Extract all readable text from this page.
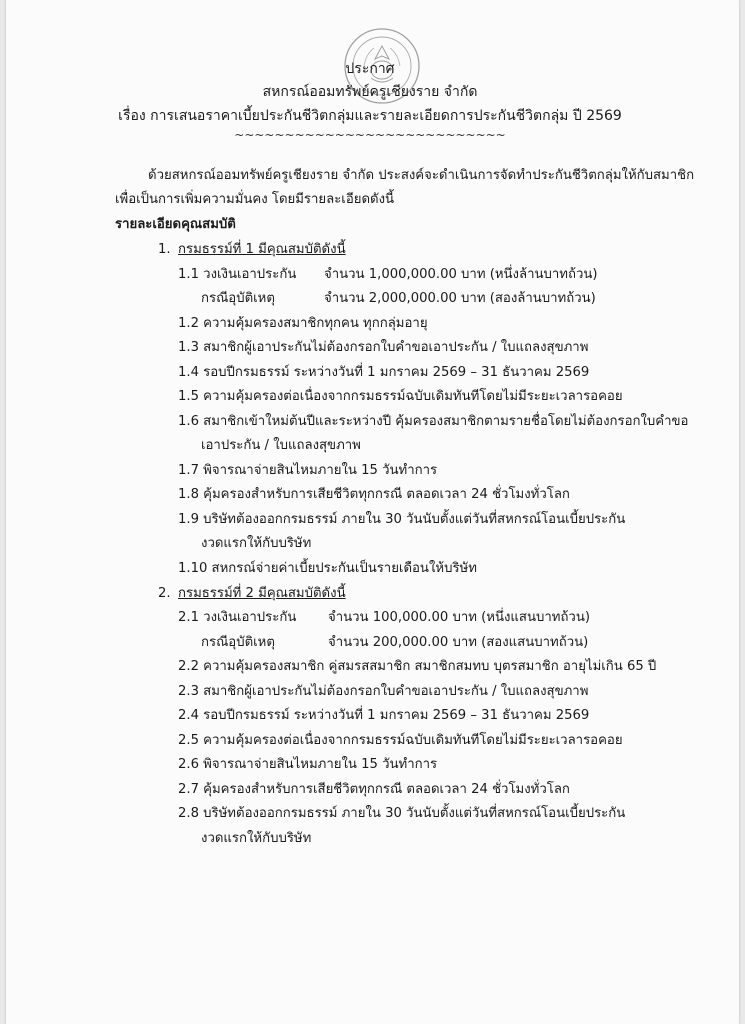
ประกาศ
สหกรณ์ออมทรัพย์ครูเชียงราย จำกัด
เรื่อง การเสนอราคาเบี้ยประกันชีวิตกลุ่มและรายละเอียดการประกันชีวิตกลุ่ม ปี 2569
~~~~~~~~~~~~~~~~~~~~~~~~~~~
ด้วยสหกรณ์ออมทรัพย์ครูเชียงราย จำกัด ประสงค์จะดำเนินการจัดทำประกันชีวิตกลุ่มให้กับสมาชิก
เพื่อเป็นการเพิ่มความมั่นคง โดยมีรายละเอียดดังนี้
รายละเอียดคุณสมบัติ
1. กรมธรรม์ที่ 1 มีคุณสมบัติดังนี้
1.1 วงเงินเอาประกัน จำนวน 1,000,000.00 บาท (หนึ่งล้านบาทถ้วน)
กรณีอุบัติเหตุ	จำนวน 2,000,000.00 บาท (สองล้านบาทถ้วน)
1.2 ความคุ้มครองสมาชิกทุกคน ทุกกลุ่มอายุ
1.3 สมาชิกผู้เอาประกันไม่ต้องกรอกใบคำขอเอาประกัน / ใบแถลงสุขภาพ
1.4 รอบปีกรมธรรม์ ระหว่างวันที่ 1 มกราคม 2569 – 31 ธันวาคม 2569
1.5 ความคุ้มครองต่อเนื่องจากกรมธรรม์ฉบับเดิมทันทีโดยไม่มีระยะเวลารอคอย
1.6 สมาชิกเข้าใหม่ต้นปีและระหว่างปี คุ้มครองสมาชิกตามรายชื่อโดยไม่ต้องกรอกใบคำขอ
เอาประกัน / ใบแถลงสุขภาพ
1.7 พิจารณาจ่ายสินไหมภายใน 15 วันทำการ
1.8 คุ้มครองสำหรับการเสียชีวิตทุกกรณี ตลอดเวลา 24 ชั่วโมงทั่วโลก
1.9 บริษัทต้องออกกรมธรรม์ ภายใน 30 วันนับตั้งแต่วันที่สหกรณ์โอนเบี้ยประกัน
งวดแรกให้กับบริษัท
1.10 สหกรณ์จ่ายค่าเบี้ยประกันเป็นรายเดือนให้บริษัท
2. กรมธรรม์ที่ 2 มีคุณสมบัติดังนี้
2.1 วงเงินเอาประกัน จำนวน 100,000.00 บาท (หนึ่งแสนบาทถ้วน)
กรณีอุบัติเหตุ	จำนวน 200,000.00 บาท (สองแสนบาทถ้วน)
2.2 ความคุ้มครองสมาชิก คู่สมรสสมาชิก สมาชิกสมทบ บุตรสมาชิก อายุไม่เกิน 65 ปี
2.3 สมาชิกผู้เอาประกันไม่ต้องกรอกใบคำขอเอาประกัน / ใบแถลงสุขภาพ
2.4 รอบปีกรมธรรม์ ระหว่างวันที่ 1 มกราคม 2569 – 31 ธันวาคม 2569
2.5 ความคุ้มครองต่อเนื่องจากกรมธรรม์ฉบับเดิมทันทีโดยไม่มีระยะเวลารอคอย
2.6 พิจารณาจ่ายสินไหมภายใน 15 วันทำการ
2.7 คุ้มครองสำหรับการเสียชีวิตทุกกรณี ตลอดเวลา 24 ชั่วโมงทั่วโลก
2.8 บริษัทต้องออกกรมธรรม์ ภายใน 30 วันนับตั้งแต่วันที่สหกรณ์โอนเบี้ยประกัน
งวดแรกให้กับบริษัท
